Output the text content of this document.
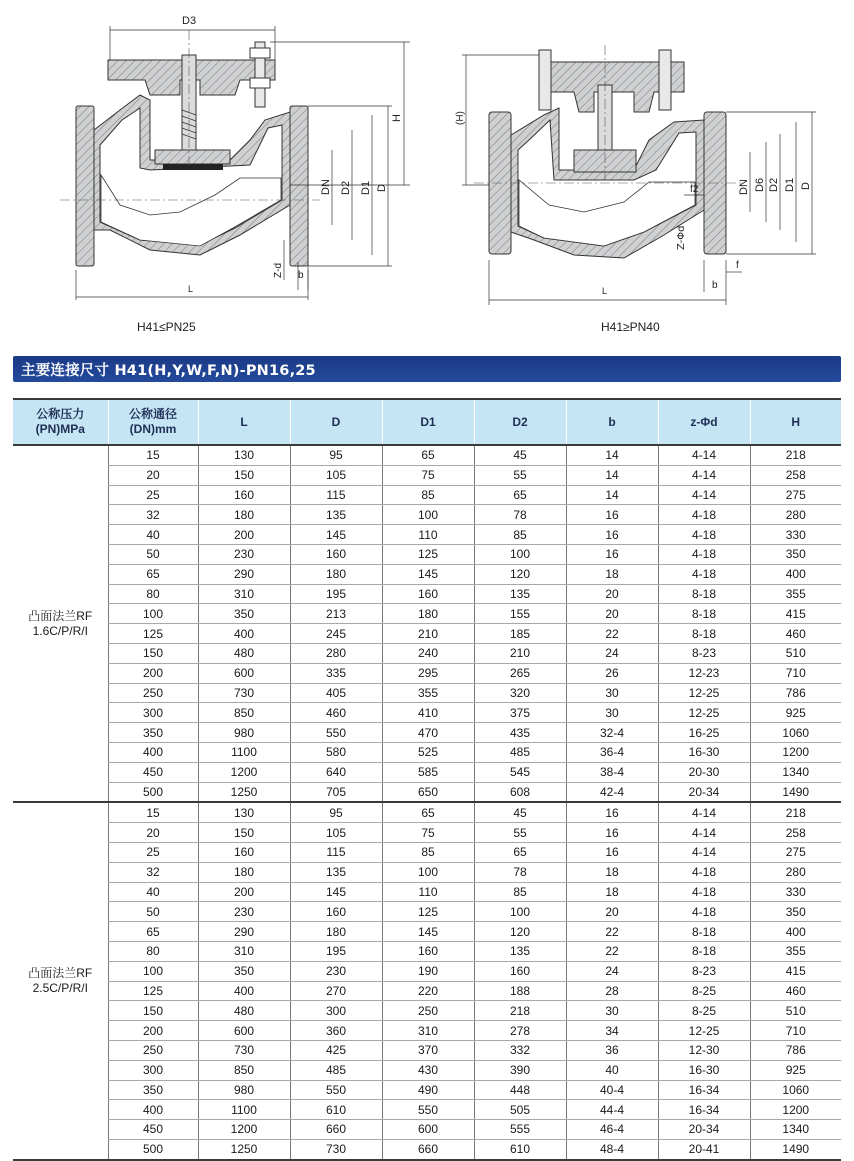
D3
H
DN D2 D1 D
Z-d b
L
(H)
DN D6 D2 D1 D
f2
Z-Φd
f
b
L
H41≤PN25	H41≥PN40
主要连接尺寸 H41(H,Y,W,F,N)-PN16,25
公称压力
(PN)MPa	公称通径
(DN)mm	L	D	D1	D2	b	z-Φd	H
凸面法兰RF
1.6C/P/R/I	15	130	95	65	45	14	4-14	218
	20	150	105	75	55	14	4-14	258
	25	160	115	85	65	14	4-14	275
	32	180	135	100	78	16	4-18	280
	40	200	145	110	85	16	4-18	330
	50	230	160	125	100	16	4-18	350
	65	290	180	145	120	18	4-18	400
	80	310	195	160	135	20	8-18	355
	100	350	213	180	155	20	8-18	415
	125	400	245	210	185	22	8-18	460
	150	480	280	240	210	24	8-23	510
	200	600	335	295	265	26	12-23	710
	250	730	405	355	320	30	12-25	786
	300	850	460	410	375	30	12-25	925
	350	980	550	470	435	32-4	16-25	1060
	400	1100	580	525	485	36-4	16-30	1200
	450	1200	640	585	545	38-4	20-30	1340
	500	1250	705	650	608	42-4	20-34	1490
凸面法兰RF
2.5C/P/R/I	15	130	95	65	45	16	4-14	218
	20	150	105	75	55	16	4-14	258
	25	160	115	85	65	16	4-14	275
	32	180	135	100	78	18	4-18	280
	40	200	145	110	85	18	4-18	330
	50	230	160	125	100	20	4-18	350
	65	290	180	145	120	22	8-18	400
	80	310	195	160	135	22	8-18	355
	100	350	230	190	160	24	8-23	415
	125	400	270	220	188	28	8-25	460
	150	480	300	250	218	30	8-25	510
	200	600	360	310	278	34	12-25	710
	250	730	425	370	332	36	12-30	786
	300	850	485	430	390	40	16-30	925
	350	980	550	490	448	40-4	16-34	1060
	400	1100	610	550	505	44-4	16-34	1200
	450	1200	660	600	555	46-4	20-34	1340
	500	1250	730	660	610	48-4	20-41	1490
